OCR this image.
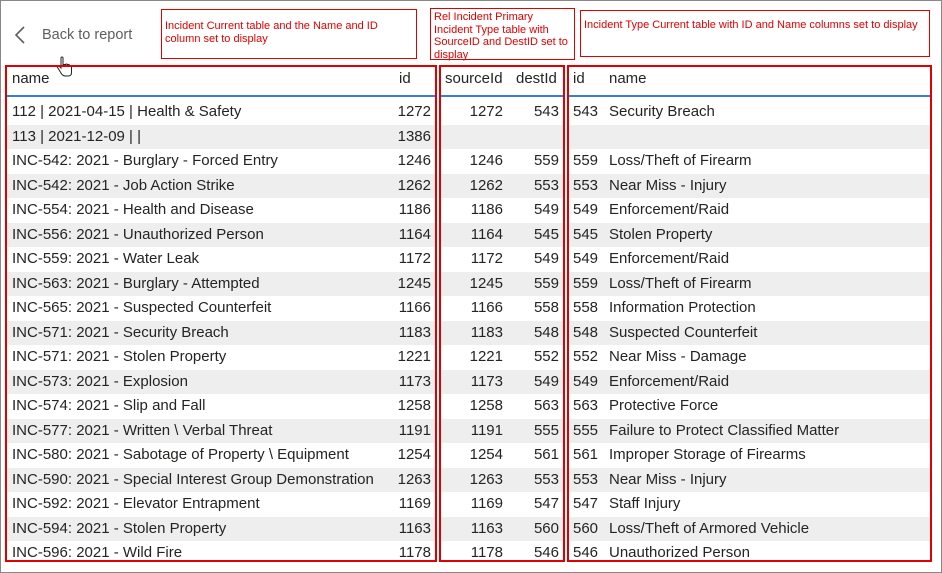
Back to report
Incident Current table and the Name and ID column set to display
Rel Incident Primary Incident Type table with SourceID and DestID set to display
Incident Type Current table with ID and Name columns set to display
name	id
112 | 2021-04-15 | Health & Safety	1272
113 | 2021-12-09 | |	1386
INC-542: 2021 - Burglary - Forced Entry	1246
INC-542: 2021 - Job Action Strike	1262
INC-554: 2021 - Health and Disease	1186
INC-556: 2021 - Unauthorized Person	1164
INC-559: 2021 - Water Leak	1172
INC-563: 2021 - Burglary - Attempted	1245
INC-565: 2021 - Suspected Counterfeit	1166
INC-571: 2021 - Security Breach	1183
INC-571: 2021 - Stolen Property	1221
INC-573: 2021 - Explosion	1173
INC-574: 2021 - Slip and Fall	1258
INC-577: 2021 - Written \ Verbal Threat	1191
INC-580: 2021 - Sabotage of Property \ Equipment	1254
INC-590: 2021 - Special Interest Group Demonstration 1263
INC-592: 2021 - Elevator Entrapment	1169
INC-594: 2021 - Stolen Property	1163
INC-596: 2021 - Wild Fire	1178
sourceId destId
1272 543
1246 559
1262 553
1186 549
1164 545
1172 549
1245 559
1166 558
1183 548
1221 552
1173 549
1258 563
1191 555
1254 561
1263 553
1169 547
1163 560
1178 546
id name
543 Security Breach
559 Loss/Theft of Firearm
553 Near Miss - Injury
549 Enforcement/Raid
545 Stolen Property
549 Enforcement/Raid
559 Loss/Theft of Firearm
558 Information Protection
548 Suspected Counterfeit
552 Near Miss - Damage
549 Enforcement/Raid
563 Protective Force
555 Failure to Protect Classified Matter
561 Improper Storage of Firearms
553 Near Miss - Injury
547 Staff Injury
560 Loss/Theft of Armored Vehicle
546 Unauthorized Person
